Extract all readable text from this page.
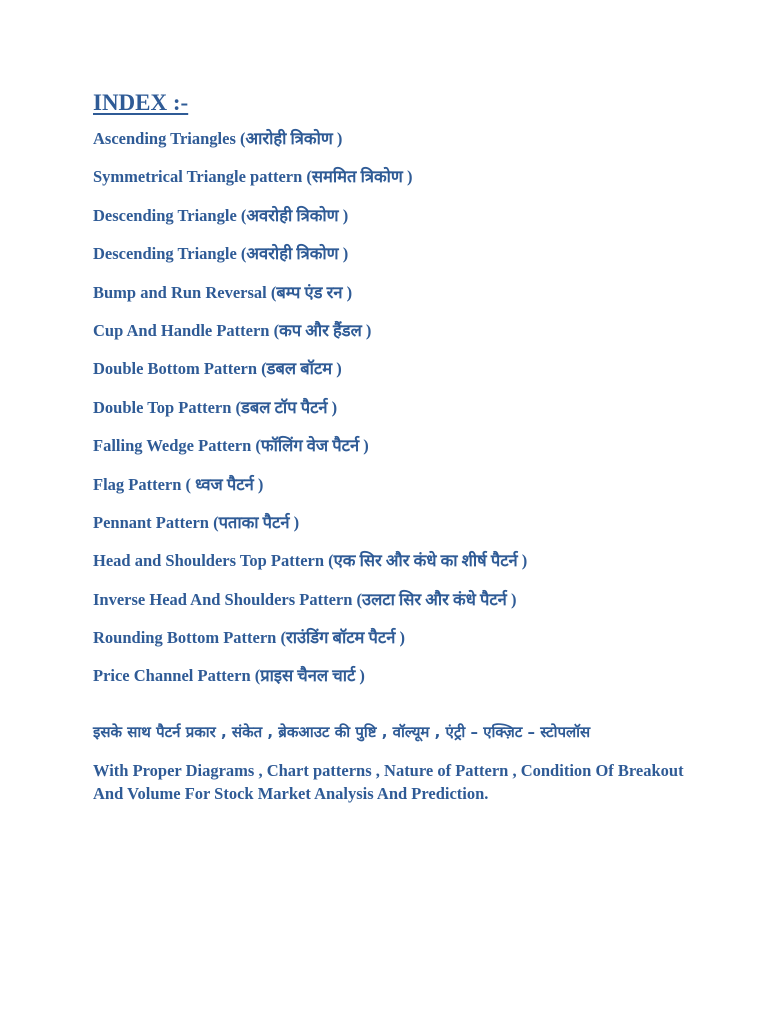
INDEX :-
Ascending Triangles (आरोही त्रिकोण )
Symmetrical Triangle pattern (सममित त्रिकोण )
Descending Triangle (अवरोही त्रिकोण )
Descending Triangle (अवरोही त्रिकोण )
Bump and Run Reversal (बम्प एंड रन )
Cup And Handle Pattern (कप और हैंडल )
Double Bottom Pattern (डबल बॉटम )
Double Top Pattern (डबल टॉप पैटर्न )
Falling Wedge Pattern (फॉलिंग वेज पैटर्न )
Flag Pattern ( ध्वज पैटर्न )
Pennant Pattern (पताका पैटर्न )
Head and Shoulders Top Pattern (एक सिर और कंधे का शीर्ष पैटर्न )
Inverse Head And Shoulders Pattern (उलटा सिर और कंधे पैटर्न )
Rounding Bottom Pattern (राउंडिंग बॉटम पैटर्न )
Price Channel Pattern (प्राइस चैनल चार्ट )

इसके साथ पैटर्न प्रकार , संकेत , ब्रेकआउट की पुष्टि , वॉल्यूम , एंट्री – एक्ज़िट – स्टोपलॉस

With Proper Diagrams , Chart patterns , Nature of Pattern , Condition Of Breakout And Volume For Stock Market Analysis And Prediction.
